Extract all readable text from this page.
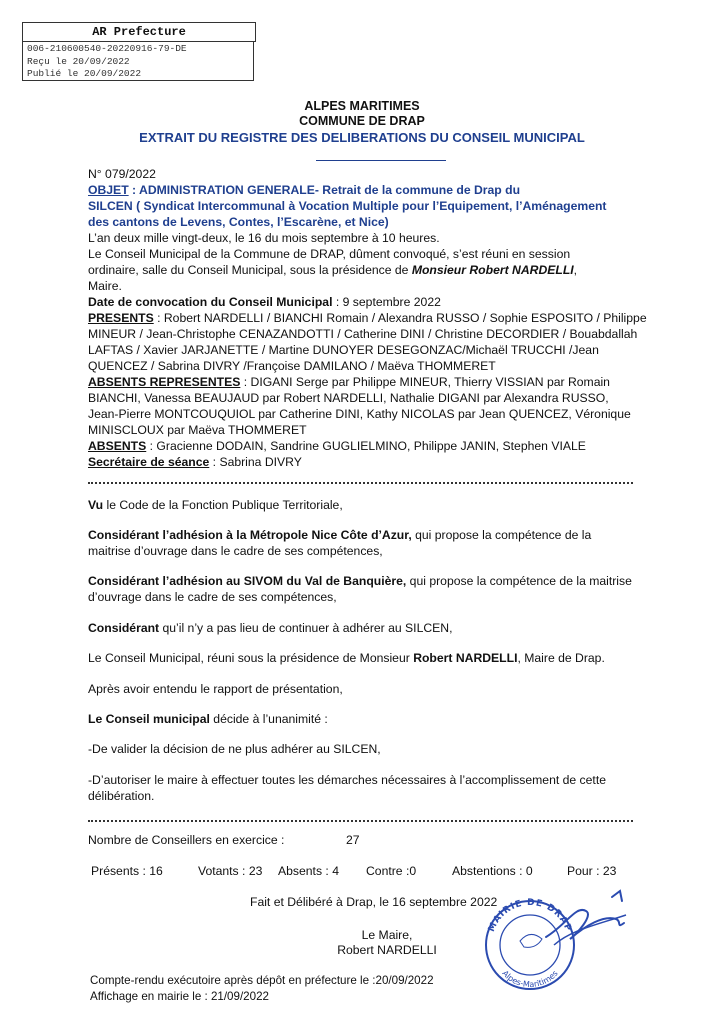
AR Prefecture
006-210600540-20220916-79-DE
Reçu le 20/09/2022
Publié le 20/09/2022
ALPES MARITIMES
COMMUNE DE DRAP
EXTRAIT DU REGISTRE DES DELIBERATIONS DU CONSEIL MUNICIPAL
N° 079/2022
OBJET : ADMINISTRATION GENERALE- Retrait de la commune de Drap du
SILCEN ( Syndicat Intercommunal à Vocation Multiple pour l’Equipement, l’Aménagement
des cantons de Levens, Contes, l’Escarène, et Nice)
L’an deux mille vingt-deux, le 16 du mois septembre à 10 heures.
Le Conseil Municipal de la Commune de DRAP, dûment convoqué, s’est réuni en session
ordinaire, salle du Conseil Municipal, sous la présidence de Monsieur Robert NARDELLI,
Maire.
Date de convocation du Conseil Municipal : 9 septembre 2022
PRESENTS : Robert NARDELLI / BIANCHI Romain / Alexandra RUSSO / Sophie ESPOSITO / Philippe
MINEUR / Jean-Christophe CENAZANDOTTI / Catherine DINI / Christine DECORDIER / Bouabdallah
LAFTAS / Xavier JARJANETTE / Martine DUNOYER DESEGONZAC/Michaël TRUCCHI /Jean
QUENCEZ / Sabrina DIVRY /Françoise DAMILANO / Maëva THOMMERET
ABSENTS REPRESENTES : DIGANI Serge par Philippe MINEUR, Thierry VISSIAN par Romain
BIANCHI, Vanessa BEAUJAUD par Robert NARDELLI, Nathalie DIGANI par Alexandra RUSSO,
Jean-Pierre MONTCOUQUIOL par Catherine DINI, Kathy NICOLAS par Jean QUENCEZ, Véronique
MINISCLOUX par Maëva THOMMERET
ABSENTS : Gracienne DODAIN, Sandrine GUGLIELMINO, Philippe JANIN, Stephen VIALE
Secrétaire de séance : Sabrina DIVRY
Vu le Code de la Fonction Publique Territoriale,
Considérant l’adhésion à la Métropole Nice Côte d’Azur, qui propose la compétence de la
maitrise d’ouvrage dans le cadre de ses compétences,
Considérant l’adhésion au SIVOM du Val de Banquière, qui propose la compétence de la maitrise
d’ouvrage dans le cadre de ses compétences,
Considérant qu’il n’y a pas lieu de continuer à adhérer au SILCEN,
Le Conseil Municipal, réuni sous la présidence de Monsieur Robert NARDELLI, Maire de Drap.
Après avoir entendu le rapport de présentation,
Le Conseil municipal décide à l’unanimité :
-De valider la décision de ne plus adhérer au SILCEN,
-D’autoriser le maire à effectuer toutes les démarches nécessaires à l’accomplissement de cette
délibération.
Nombre de Conseillers en exercice :	27
Présents : 16	Votants : 23 Absents : 4 Contre :0	Abstentions : 0	Pour : 23
Fait et Délibéré à Drap, le 16 septembre 2022
Le Maire,
Robert NARDELLI
Compte-rendu exécutoire après dépôt en préfecture le :20/09/2022
Affichage en mairie le : 21/09/2022
MAIRIE DE DRAP
Alpes-Maritimes
